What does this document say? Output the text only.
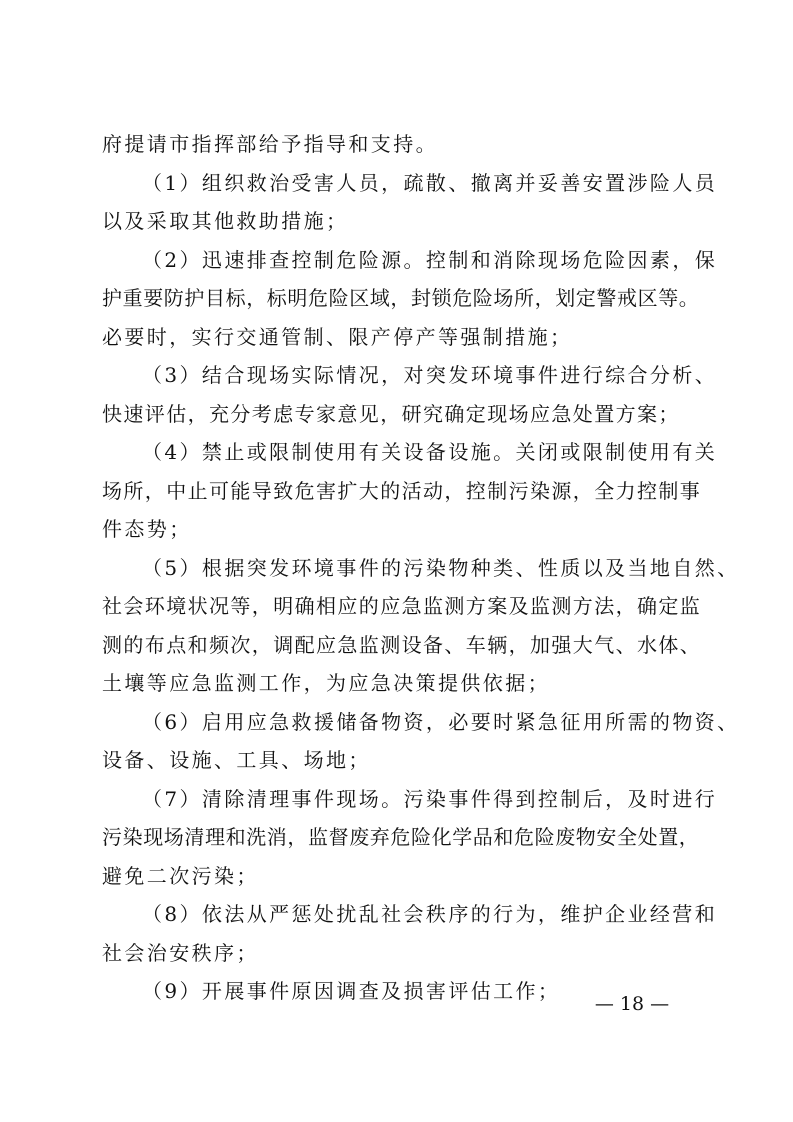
府提请市指挥部给予指导和支持。
（1）组织救治受害人员，疏散、撤离并妥善安置涉险人员
以及采取其他救助措施；
（2）迅速排查控制危险源。控制和消除现场危险因素，保
护重要防护目标，标明危险区域，封锁危险场所，划定警戒区等。
必要时，实行交通管制、限产停产等强制措施；
（3）结合现场实际情况，对突发环境事件进行综合分析、
快速评估，充分考虑专家意见，研究确定现场应急处置方案；
（4）禁止或限制使用有关设备设施。关闭或限制使用有关
场所，中止可能导致危害扩大的活动，控制污染源，全力控制事
件态势；
（5）根据突发环境事件的污染物种类、性质以及当地自然、
社会环境状况等，明确相应的应急监测方案及监测方法，确定监
测的布点和频次，调配应急监测设备、车辆，加强大气、水体、
土壤等应急监测工作，为应急决策提供依据；
（6）启用应急救援储备物资，必要时紧急征用所需的物资、
设备、设施、工具、场地；
（7）清除清理事件现场。污染事件得到控制后，及时进行
污染现场清理和洗消，监督废弃危险化学品和危险废物安全处置，
避免二次污染；
（8）依法从严惩处扰乱社会秩序的行为，维护企业经营和
社会治安秩序；
（9）开展事件原因调查及损害评估工作；
— 18 —
